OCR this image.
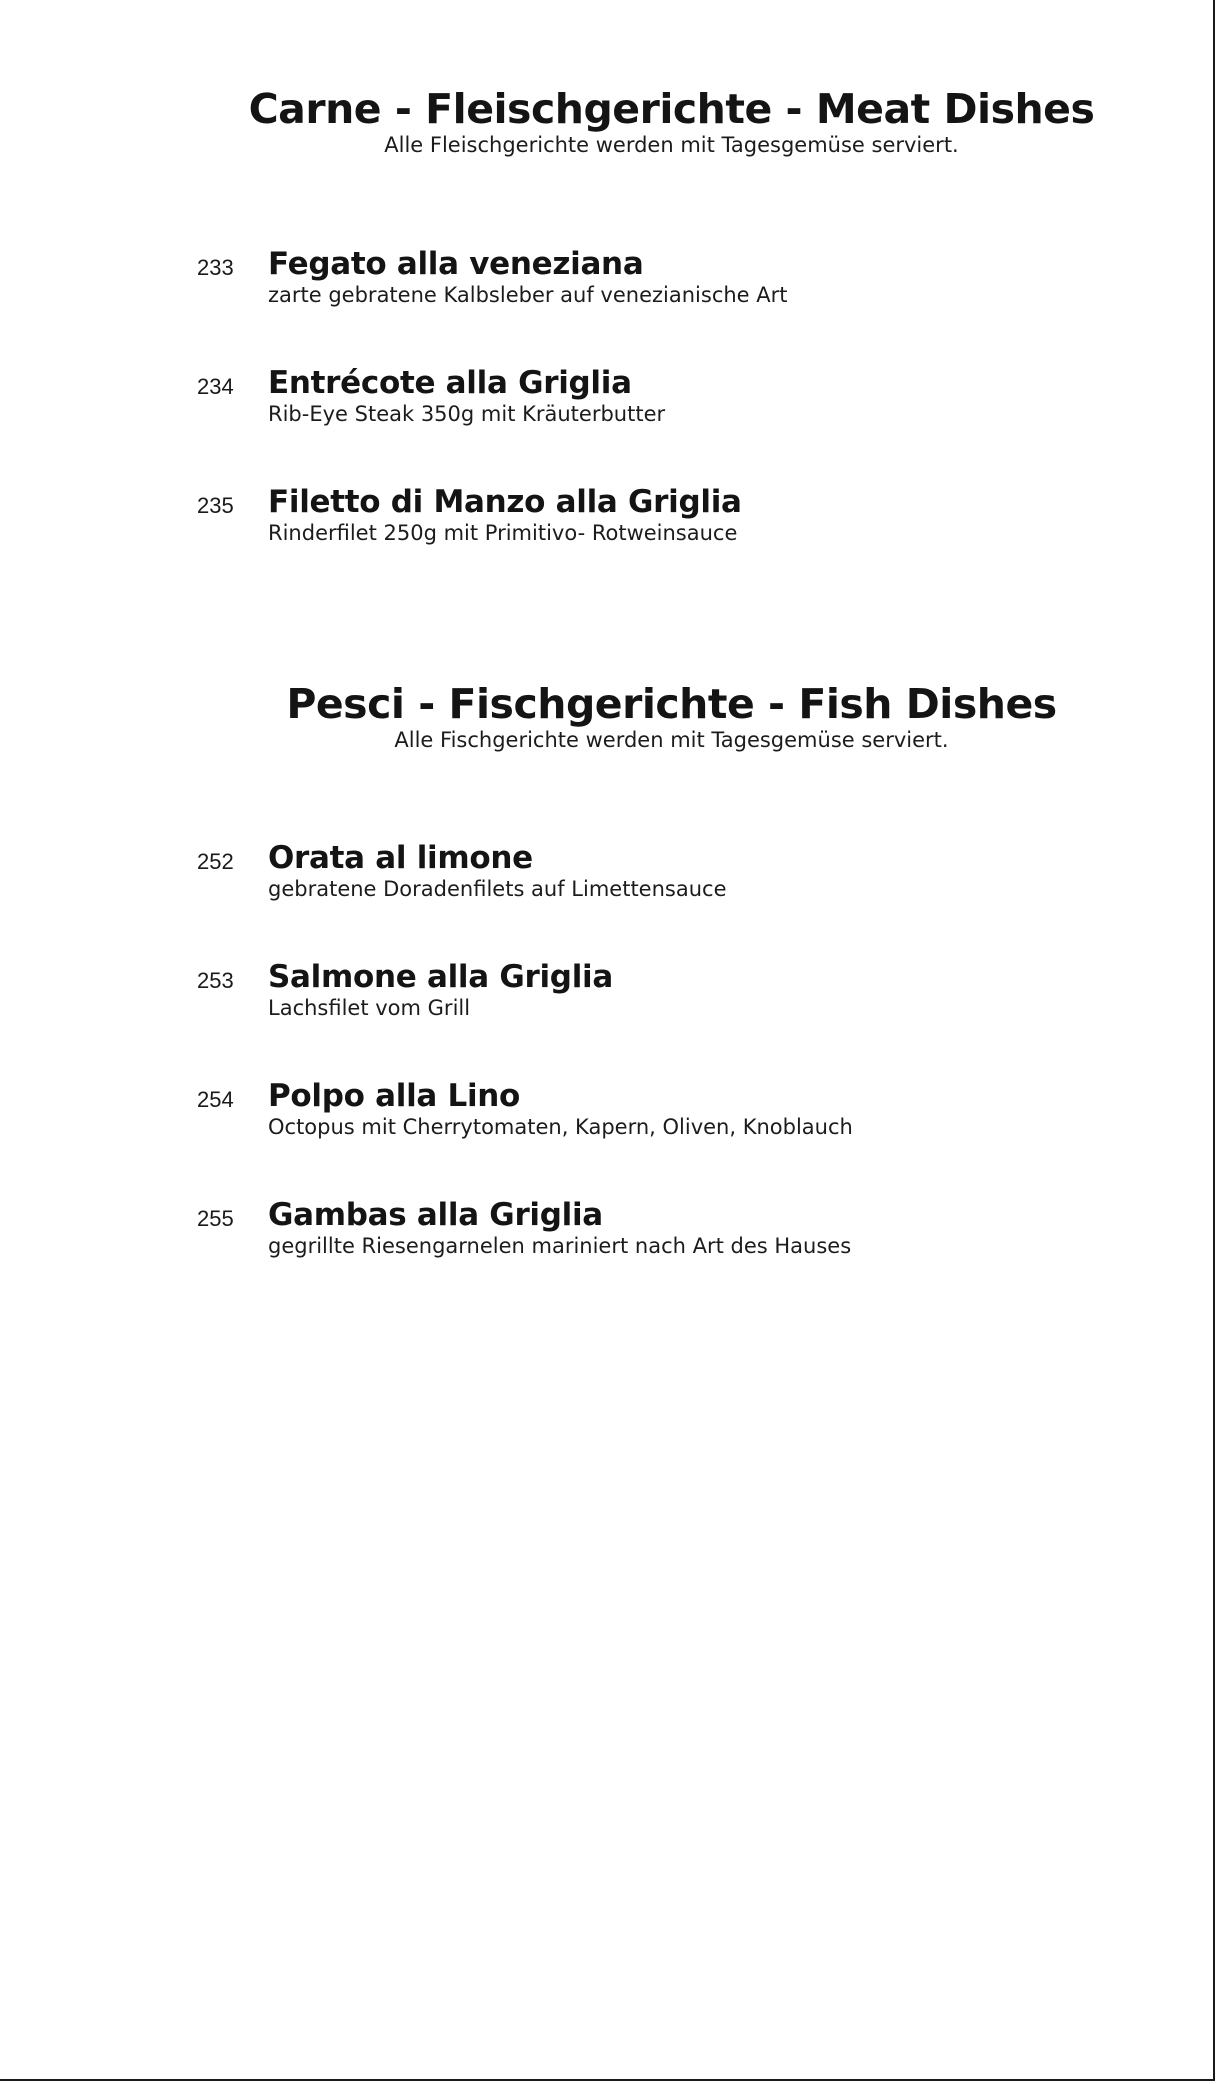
Carne - Fleischgerichte - Meat Dishes

Alle Fleischgerichte werden mit Tagesgemüse serviert.

233 Fegato alla veneziana
zarte gebratene Kalbsleber auf venezianische Art
234 Entrécote alla Griglia
Rib-Eye Steak 350g mit Kräuterbutter
235 Filetto di Manzo alla Griglia
Rinderfilet 250g mit Primitivo- Rotweinsauce
Pesci - Fischgerichte - Fish Dishes

Alle Fischgerichte werden mit Tagesgemüse serviert.

252 Orata al limone
gebratene Doradenfilets auf Limettensauce
253 Salmone alla Griglia
Lachsfilet vom Grill
254 Polpo alla Lino
Octopus mit Cherrytomaten, Kapern, Oliven, Knoblauch
255 Gambas alla Griglia
gegrillte Riesengarnelen mariniert nach Art des Hauses
